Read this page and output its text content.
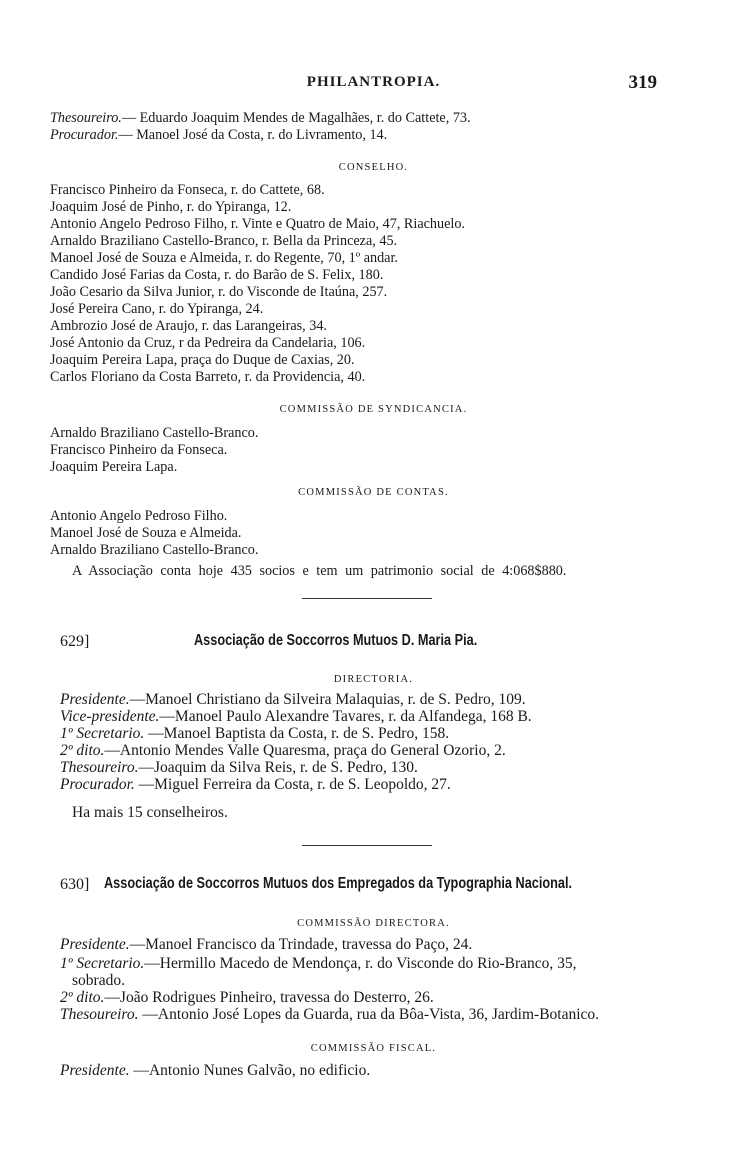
PHILANTROPIA.	319
Thesoureiro.— Eduardo Joaquim Mendes de Magalhães, r. do Cattete, 73.
Procurador.— Manoel José da Costa, r. do Livramento, 14.
CONSELHO.
Francisco Pinheiro da Fonseca, r. do Cattete, 68.
Joaquim José de Pinho, r. do Ypiranga, 12.
Antonio Angelo Pedroso Filho, r. Vinte e Quatro de Maio, 47, Riachuelo.
Arnaldo Braziliano Castello-Branco, r. Bella da Princeza, 45.
Manoel José de Souza e Almeida, r. do Regente, 70, 1º andar.
Candido José Farias da Costa, r. do Barão de S. Felix, 180.
João Cesario da Silva Junior, r. do Visconde de Itaúna, 257.
José Pereira Cano, r. do Ypiranga, 24.
Ambrozio José de Araujo, r. das Larangeiras, 34.
José Antonio da Cruz, r da Pedreira da Candelaria, 106.
Joaquim Pereira Lapa, praça do Duque de Caxias, 20.
Carlos Floriano da Costa Barreto, r. da Providencia, 40.
COMMISSÃO DE SYNDICANCIA.
Arnaldo Braziliano Castello-Branco.
Francisco Pinheiro da Fonseca.
Joaquim Pereira Lapa.
COMMISSÃO DE CONTAS.
Antonio Angelo Pedroso Filho.
Manoel José de Souza e Almeida.
Arnaldo Braziliano Castello-Branco.
A Associação conta hoje 435 socios e tem um patrimonio social de 4:068$880.
629]	Associação de Soccorros Mutuos D. Maria Pia.
DIRECTORIA.
Presidente.—Manoel Christiano da Silveira Malaquias, r. de S. Pedro, 109.
Vice-presidente.—Manoel Paulo Alexandre Tavares, r. da Alfandega, 168 B.
1º Secretario. —Manoel Baptista da Costa, r. de S. Pedro, 158.
2º dito.—Antonio Mendes Valle Quaresma, praça do General Ozorio, 2.
Thesoureiro.—Joaquim da Silva Reis, r. de S. Pedro, 130.
Procurador. —Miguel Ferreira da Costa, r. de S. Leopoldo, 27.
Ha mais 15 conselheiros.
630] Associação de Soccorros Mutuos dos Empregados da Typographia Nacional.
COMMISSÃO DIRECTORA.
Presidente.—Manoel Francisco da Trindade, travessa do Paço, 24.
1º Secretario.—Hermillo Macedo de Mendonça, r. do Visconde do Rio-Branco, 35,
sobrado.
2º dito.—João Rodrigues Pinheiro, travessa do Desterro, 26.
Thesoureiro. —Antonio José Lopes da Guarda, rua da Bôa-Vista, 36, Jardim-Botanico.
COMMISSÃO FISCAL.
Presidente. —Antonio Nunes Galvão, no edificio.
